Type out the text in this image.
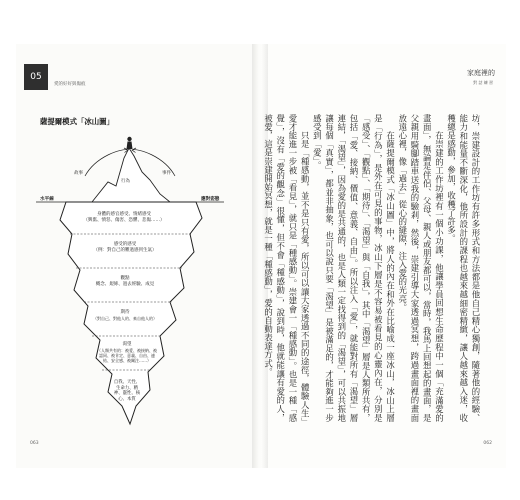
05
愛的好好與傷痕
家庭裡的
對 話 練 習
薩提爾模式「冰山圖」
故事
行為
事件
水平線	應對姿態
身體的感官感受、情緒感受
（興奮、憤怒、傷害、恐懼、悲傷……）
感受的感受
（例：對自己的難過感到生氣）
觀點
概念、規條、過去經驗、成見
期待
（對自己、對他人的、來自他人的）
渴望
（人類共有的：被愛、被接納、被認同、被肯定、意義、自由、連結、安全感、被關注……）
自我、天性、生命力、精神、靈性、核心、本質
063	062

坊，崇建設計的工作坊有許多形式和方法都是他自己精心獨創，隨著他的經驗、能力和能量不斷深化，他所設計的課程也越來越細密精緻，讓人越來越入迷，收穫總是感動，參加，收穫了許多。

在崇建的工作坊裡有一個小功課，他讓學員回想生命歷程中一個「充滿愛的畫面」，無論是伴侶、父母、親人或朋友都可以，當時，我馬上回想起的畫面，是父親用騎腳踏車送我的驗剎，然後，崇建引導大家透過冥想，跨過畫面裡的畫面放遠心裡，像「過去」從心的縫隙，注入愛的光亮。

在薩提爾模式「冰山圖」中，將人的內在和外在比喻成一座冰山，冰山上層是「行為」，是外在可見的事物，冰山下層是不容易被看見的心靈內在，分別是「感受」、「觀點」、「期待」、「渴望」與「自我」，其中「渴望」層是人類所共有，包括「愛、接納、價值、意義、自由」。所以注入「愛」，就能對所有「渴望」層連結，「渴望」，因為愛的是共通的，也是人類一定找得到的「渴望」，可以共振地讓每個「真實」，都並非抽象，也可以說只要「渴望」是被滿足的，才能夠進一步感受到「愛」。

只是「種感動，並不是只有愛，所以可以讓大家透過不同的途徑，體驗人生」愛才能進一步被「看見」，就只是「種感動」。崇建會一「種感動」。也是一種「感覺」，沒有「愛的觀念」很懂，但不會「種感動」，說到時，他就能讓有愛的人，被愛，這是崇建開始冥想，就是一種「種感動」，愛的自動表達方式。
